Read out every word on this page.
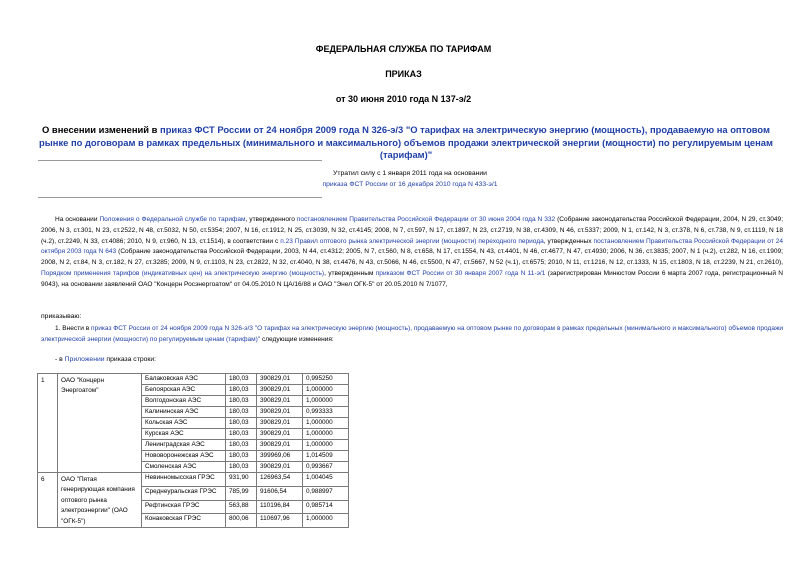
ФЕДЕРАЛЬНАЯ СЛУЖБА ПО ТАРИФАМ
ПРИКАЗ
от 30 июня 2010 года N 137-э/2
О внесении изменений в приказ ФСТ России от 24 ноября 2009 года N 326-э/3 "О тарифах на электрическую энергию (мощность), продаваемую на оптовом рынке по договорам в рамках предельных (минимального и максимального) объемов продажи электрической энергии (мощности) по регулируемым ценам (тарифам)"
Утратил силу с 1 января 2011 года на основании
приказа ФСТ России от 16 декабря 2010 года N 433-э/1
На основании Положения о Федеральной службе по тарифам, утвержденного постановлением Правительства Российской Федерации от 30 июня 2004 года N 332 (Собрание законодательства Российской Федерации, 2004, N 29, ст.3049; 2006, N 3, ст.301, N 23, ст.2522, N 48, ст.5032, N 50, ст.5354; 2007, N 16, ст.1912, N 25, ст.3039, N 32, ст.4145; 2008, N 7, ст.597, N 17, ст.1897, N 23, ст.2719, N 38, ст.4309, N 46, ст.5337; 2009, N 1, ст.142, N 3, ст.378, N 6, ст.738, N 9, ст.1119, N 18 (ч.2), ст.2249, N 33, ст.4086; 2010, N 9, ст.960, N 13, ст.1514), в соответствии с п.23 Правил оптового рынка электрической энергии (мощности) переходного периода, утвержденных постановлением Правительства Российской Федерации от 24 октября 2003 года N 643 (Собрание законодательства Российской Федерации, 2003, N 44, ст.4312; 2005, N 7, ст.560, N 8, ст.658, N 17, ст.1554, N 43, ст.4401, N 46, ст.4677, N 47, ст.4930; 2006, N 36, ст.3835; 2007, N 1 (ч.2), ст.282, N 16, ст.1909; 2008, N 2, ст.84, N 3, ст.182, N 27, ст.3285; 2009, N 9, ст.1103, N 23, ст.2822, N 32, ст.4040, N 38, ст.4476, N 43, ст.5066, N 46, ст.5500, N 47, ст.5667, N 52 (ч.1), ст.6575; 2010, N 11, ст.1216, N 12, ст.1333, N 15, ст.1803, N 18, ст.2239, N 21, ст.2610), Порядком применения тарифов (индикативных цен) на электрическую энергию (мощность), утвержденным приказом ФСТ России от 30 января 2007 года N 11-э/1 (зарегистрирован Минюстом России 6 марта 2007 года, регистрационный N 9043), на основании заявлений ОАО "Концерн Росэнергоатом" от 04.05.2010 N ЦА/16/88 и ОАО "Энел ОГК-5" от 20.05.2010 N 7/1077,
приказываю:
1. Внести в приказ ФСТ России от 24 ноября 2009 года N 326-э/3 "О тарифах на электрическую энергию (мощность), продаваемую на оптовом рынке по договорам в рамках предельных (минимального и максимального) объемов продажи электрической энергии (мощности) по регулируемым ценам (тарифам)" следующие изменения:
- в Приложении приказа строки:
1	ОАО "Концерн Энергоатом"	Балаковская АЭС	180,03	390829,01	0,995250
		Белоярская АЭС	180,03	390829,01	1,000000
		Волгодонская АЭС	180,03	390829,01	1,000000
		Калининская АЭС	180,03	390829,01	0,993333
		Кольская АЭС	180,03	390829,01	1,000000
		Курская АЭС	180,03	390829,01	1,000000
		Ленинградская АЭС	180,03	390829,01	1,000000
		Нововоронежская АЭС	180,03	399969,06	1,014509
		Смоленская АЭС	180,03	390829,01	0,993667
6	ОАО "Пятая генерирующая компания оптового рынка электроэнергии" (ОАО "ОГК-5")	Невинномысская ГРЭС	931,90	126963,54	1,004045
		Среднеуральская ГРЭС	785,99	91606,54	0,988997
		Рефтинская ГРЭС	563,88	110196,84	0,985714
		Конаковская ГРЭС	800,06	110697,96	1,000000
